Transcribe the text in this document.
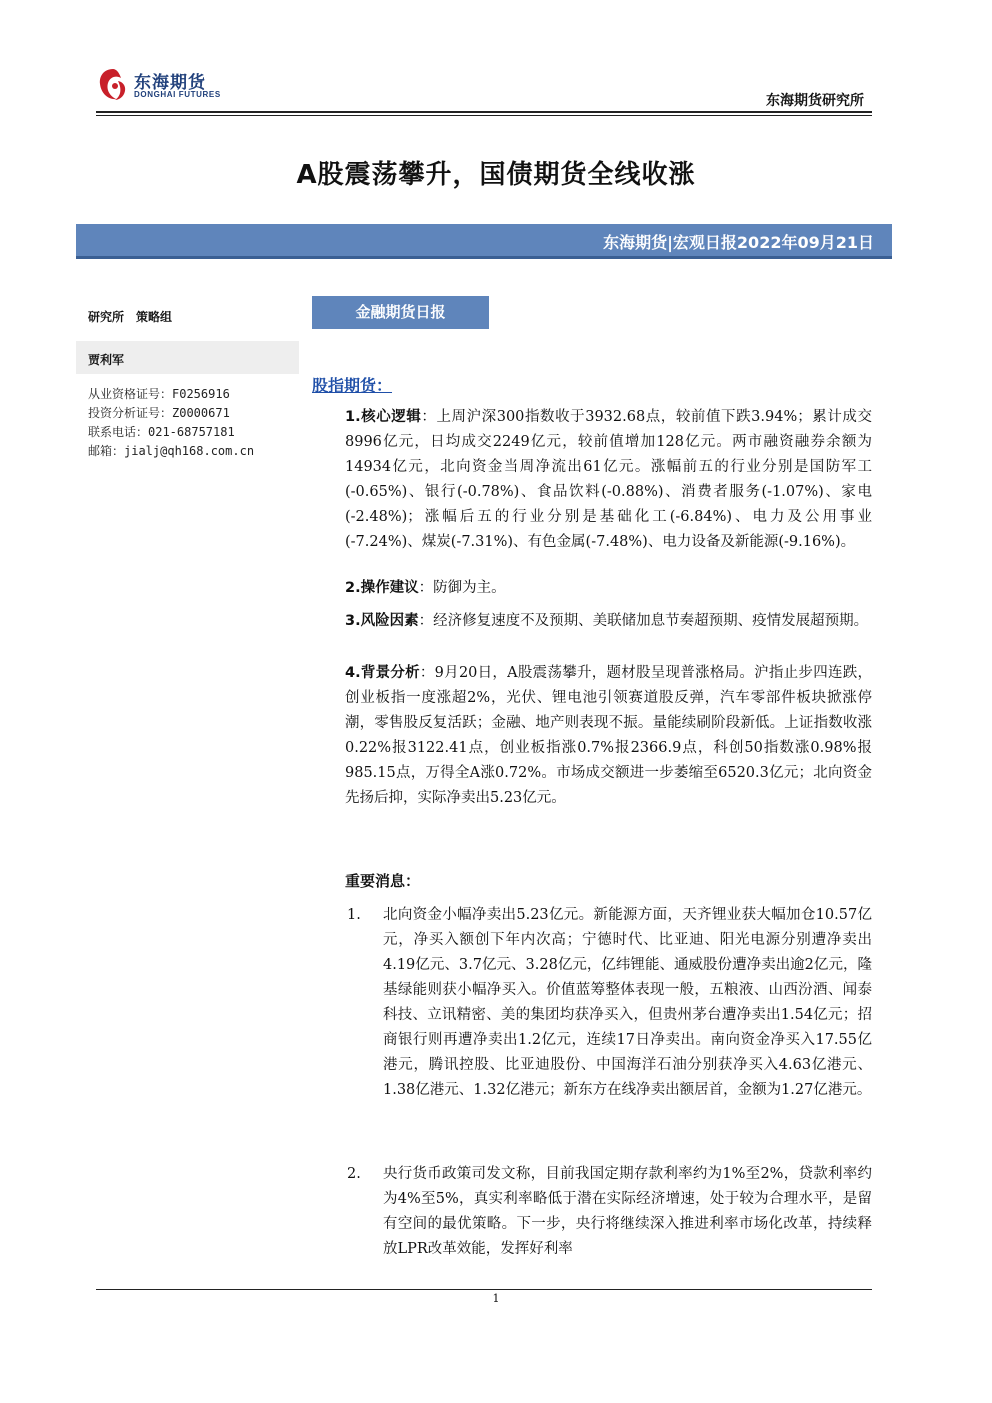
东海期货
DONGHAI FUTURES	东海期货研究所
A股震荡攀升，国债期货全线收涨
东海期货|宏观日报2022年09月21日
研究所　策略组
贾利军
从业资格证号：F0256916
投资分析证号：Z0000671
联系电话：021-68757181
邮箱：jialj@qh168.com.cn
金融期货日报
股指期货：

1.核心逻辑：上周沪深300指数收于3932.68点，较前值下跌3.94%；累计成交8996亿元，日均成交2249亿元，较前值增加128亿元。两市融资融券余额为14934亿元，北向资金当周净流出61亿元。涨幅前五的行业分别是国防军工(-0.65%)、银行(-0.78%)、食品饮料(-0.88%)、消费者服务(-1.07%)、家电(-2.48%)；涨幅后五的行业分别是基础化工(-6.84%)、电力及公用事业(-7.24%)、煤炭(-7.31%)、有色金属(-7.48%)、电力设备及新能源(-9.16%)。

2.操作建议：防御为主。

3.风险因素：经济修复速度不及预期、美联储加息节奏超预期、疫情发展超预期。

4.背景分析：9月20日，A股震荡攀升，题材股呈现普涨格局。沪指止步四连跌，创业板指一度涨超2%，光伏、锂电池引领赛道股反弹，汽车零部件板块掀涨停潮，零售股反复活跃；金融、地产则表现不振。量能续刷阶段新低。上证指数收涨0.22%报3122.41点，创业板指涨0.7%报2366.9点，科创50指数涨0.98%报985.15点，万得全A涨0.72%。市场成交额进一步萎缩至6520.3亿元；北向资金先扬后抑，实际净卖出5.23亿元。

重要消息：
1. 北向资金小幅净卖出5.23亿元。新能源方面，天齐锂业获大幅加仓10.57亿元，净买入额创下年内次高；宁德时代、比亚迪、阳光电源分别遭净卖出4.19亿元、3.7亿元、3.28亿元，亿纬锂能、通威股份遭净卖出逾2亿元，隆基绿能则获小幅净买入。价值蓝筹整体表现一般，五粮液、山西汾酒、闻泰科技、立讯精密、美的集团均获净买入，但贵州茅台遭净卖出1.54亿元；招商银行则再遭净卖出1.2亿元，连续17日净卖出。南向资金净买入17.55亿港元，腾讯控股、比亚迪股份、中国海洋石油分别获净买入4.63亿港元、1.38亿港元、1.32亿港元；新东方在线净卖出额居首，金额为1.27亿港元。
2. 央行货币政策司发文称，目前我国定期存款利率约为1%至2%，贷款利率约为4%至5%，真实利率略低于潜在实际经济增速，处于较为合理水平，是留有空间的最优策略。下一步，央行将继续深入推进利率市场化改革，持续释放LPR改革效能，发挥好利率
1
